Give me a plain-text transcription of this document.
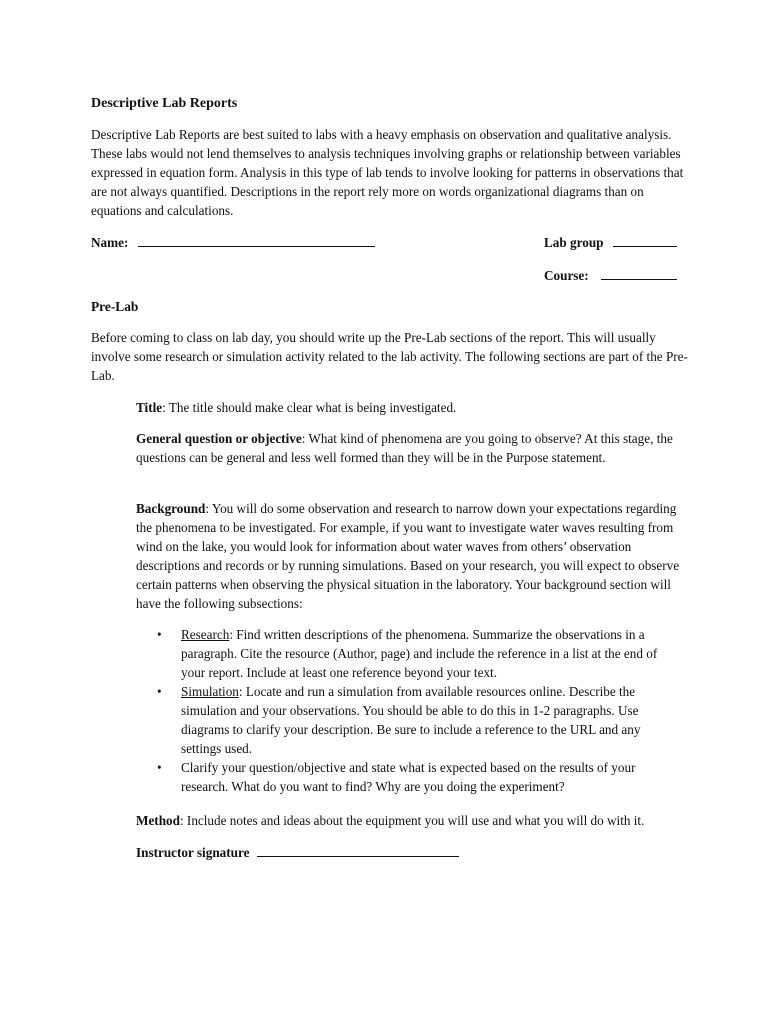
Descriptive Lab Reports

Descriptive Lab Reports are best suited to labs with a heavy emphasis on observation and qualitative analysis. These labs would not lend themselves to analysis techniques involving graphs or relationship between variables expressed in equation form. Analysis in this type of lab tends to involve looking for patterns in observations that are not always quantified. Descriptions in the report rely more on words organizational diagrams than on equations and calculations.

Name:	Lab group
Course:
Pre-Lab

Before coming to class on lab day, you should write up the Pre-Lab sections of the report. This will usually involve some research or simulation activity related to the lab activity. The following sections are part of the Pre-Lab.

Title: The title should make clear what is being investigated.

General question or objective: What kind of phenomena are you going to observe? At this stage, the questions can be general and less well formed than they will be in the Purpose statement.

Background: You will do some observation and research to narrow down your expectations regarding the phenomena to be investigated. For example, if you want to investigate water waves resulting from wind on the lake, you would look for information about water waves from others’ observation descriptions and records or by running simulations. Based on your research, you will expect to observe certain patterns when observing the physical situation in the laboratory. Your background section will have the following subsections:

• Research: Find written descriptions of the phenomena. Summarize the observations in a paragraph. Cite the resource (Author, page) and include the reference in a list at the end of your report. Include at least one reference beyond your text.
• Simulation: Locate and run a simulation from available resources online. Describe the simulation and your observations. You should be able to do this in 1-2 paragraphs. Use diagrams to clarify your description. Be sure to include a reference to the URL and any settings used.
• Clarify your question/objective and state what is expected based on the results of your research. What do you want to find? Why are you doing the experiment?

Method: Include notes and ideas about the equipment you will use and what you will do with it.

Instructor signature
